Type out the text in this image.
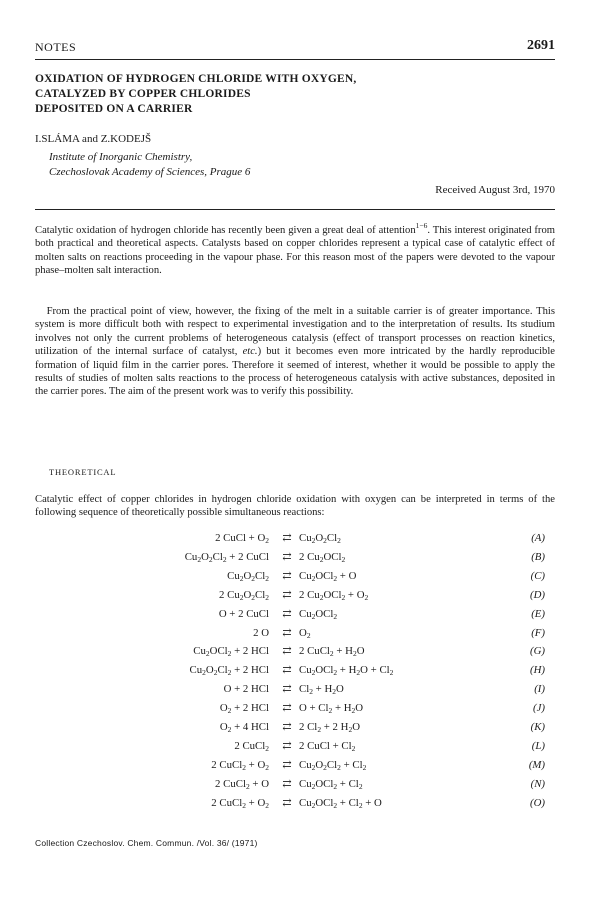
NOTES	2691
OXIDATION OF HYDROGEN CHLORIDE WITH OXYGEN,
CATALYZED BY COPPER CHLORIDES
DEPOSITED ON A CARRIER
I.SLÁMA and Z.KODEJŠ
Institute of Inorganic Chemistry,
Czechoslovak Academy of Sciences, Prague 6
Received August 3rd, 1970

Catalytic oxidation of hydrogen chloride has recently been given a great deal of attention$^{1-6}$. This interest originated from both practical and theoretical aspects. Catalysts based on copper chlorides represent a typical case of catalytic effect of molten salts on reactions proceeding in the vapour phase. For this reason most of the papers were devoted to the vapour phase–molten salt interaction.

From the practical point of view, however, the fixing of the melt in a suitable carrier is of greater importance. This system is more difficult both with respect to experimental investigation and to the interpretation of results. Its studium involves not only the current problems of heterogeneous catalysis (effect of transport processes on reaction kinetics, utilization of the internal surface of catalyst, etc.) but it becomes even more intricated by the hardly reproducible formation of liquid film in the carrier pores. Therefore it seemed of interest, whether it would be possible to apply the results of studies of molten salts reactions to the process of heterogeneous catalysis with active substances, deposited in the carrier pores. The aim of the present work was to verify this possibility.

THEORETICAL
Catalytic effect of copper chlorides in hydrogen chloride oxidation with oxygen can be interpreted in terms of the following sequence of theoretically possible simultaneous reactions:
2 CuCl + $O_2$	⇄ $Cu_2O_2Cl_2$	(A)
$Cu_2O_2Cl_2 + 2$ CuCl	⇄ 2 $Cu_2OCl_2$	(B)
$Cu_2O_2Cl_2$	⇄ $Cu_2OCl_2 + O$	(C)
2 $Cu_2O_2Cl_2$	⇄ 2 $Cu_2OCl_2 + O_2$	(D)
O + 2 CuCl	⇄ $Cu_2OCl_2$	(E)
2 O	⇄ $O_2$	(F)
$Cu_2OCl_2 + 2$ HCl	⇄ 2 CuCl$_2$ + $H_2O$	(G)
$Cu_2O_2Cl_2 + 2$ HCl	⇄ $Cu_2OCl_2 + H_2O + Cl_2$	(H)
O + 2 HCl	⇄ $Cl_2 + H_2O$	(I)
$O_2 + 2$ HCl	⇄ $O + Cl_2 + H_2O$	(J)
$O_2 + 4$ HCl	⇄ 2 $Cl_2 + 2$ $H_2O$	(K)
2 CuCl$_2$	⇄ 2 CuCl + $Cl_2$	(L)
2 CuCl$_2$ + $O_2$	⇄ $Cu_2O_2Cl_2 + Cl_2$	(M)
2 CuCl$_2$ + O	⇄ $Cu_2OCl_2 + Cl_2$	(N)
2 CuCl$_2$ + $O_2$	⇄ $Cu_2OCl_2 + Cl_2 + O$	(O)
Collection Czechoslov. Chem. Commun. /Vol. 36/ (1971)
